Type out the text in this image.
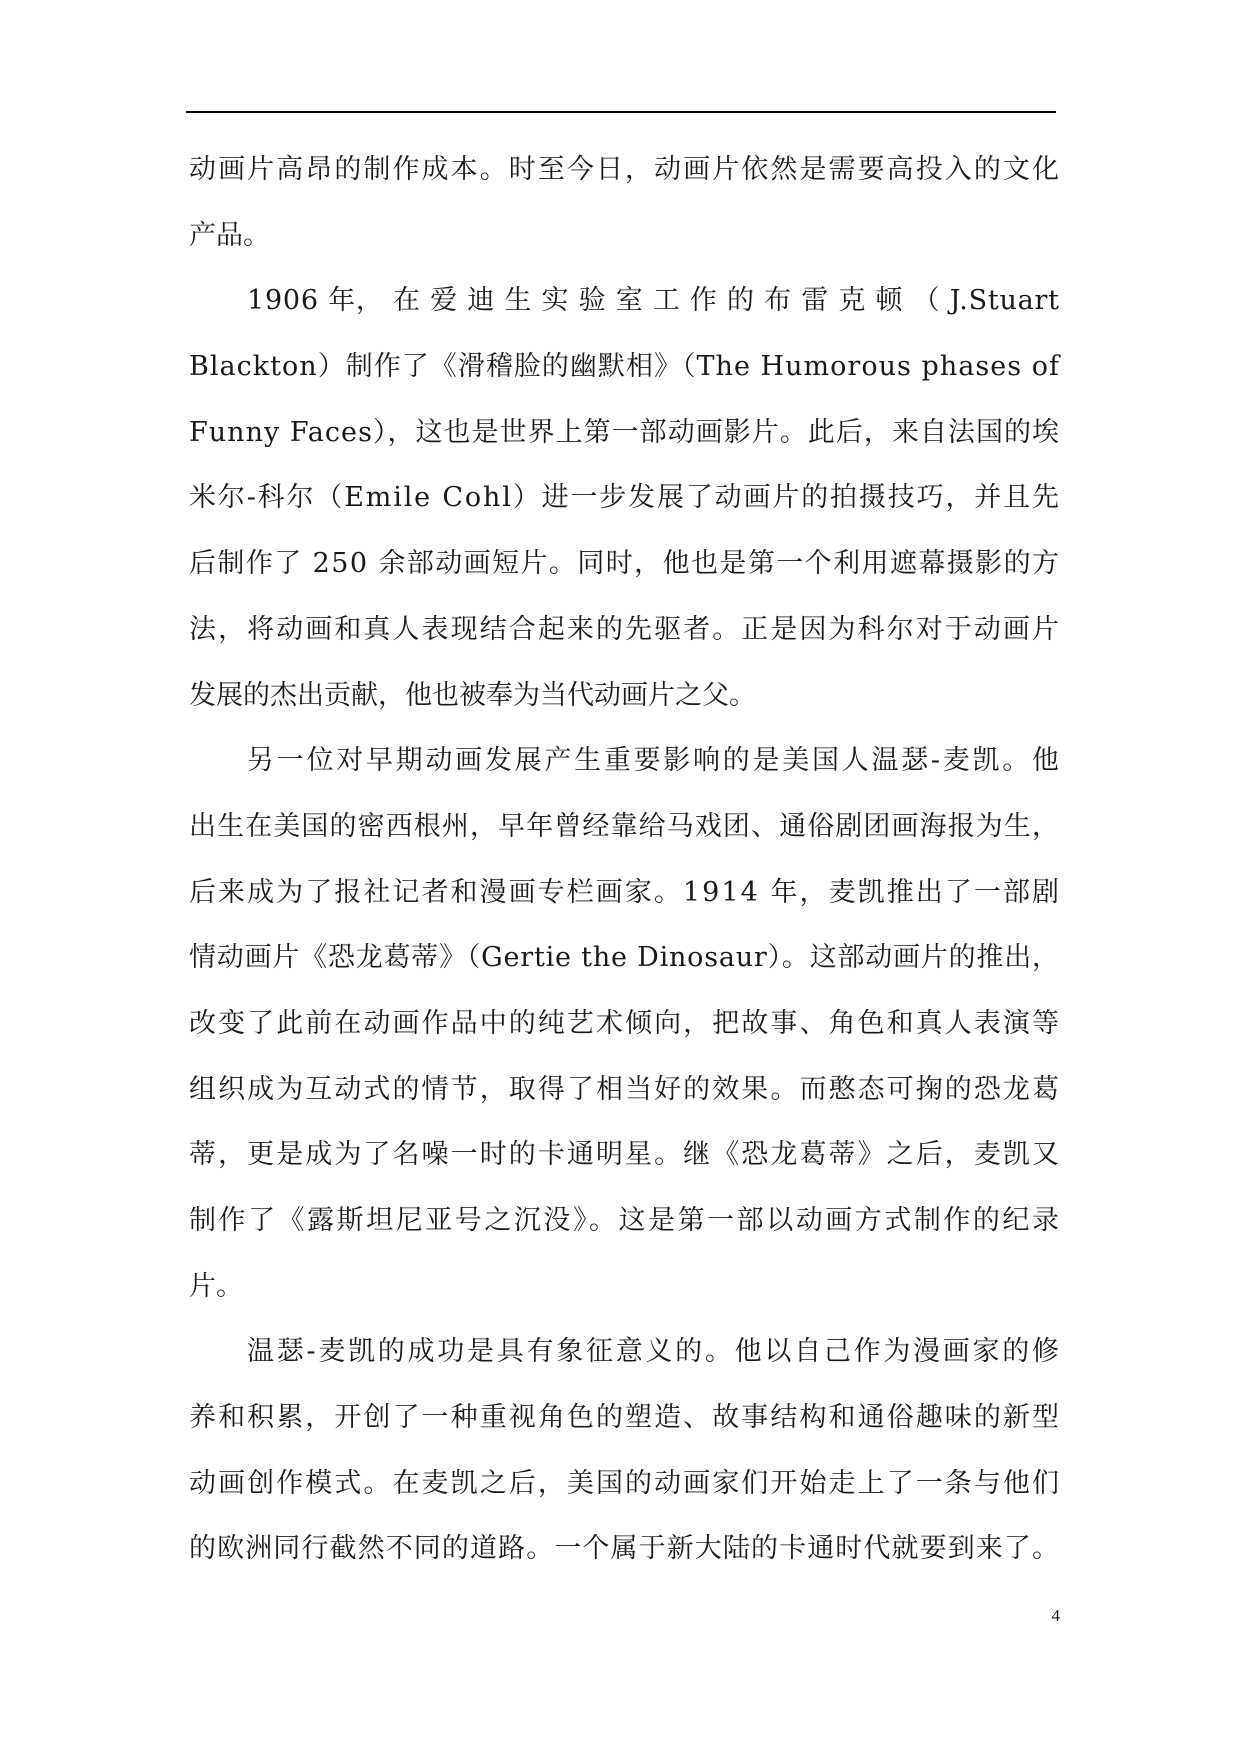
动画片高昂的制作成本。时至今日，动画片依然是需要高投入的文化
产品。
1906 年， 在 爱 迪 生 实 验 室 工 作 的 布 雷 克 顿 （ J.Stuart
Blackton）制作了《滑稽脸的幽默相》（The Humorous phases of
Funny Faces），这也是世界上第一部动画影片。此后，来自法国的埃
米尔-科尔（Emile Cohl）进一步发展了动画片的拍摄技巧，并且先
后制作了 250 余部动画短片。同时，他也是第一个利用遮幕摄影的方
法，将动画和真人表现结合起来的先驱者。正是因为科尔对于动画片
发展的杰出贡献，他也被奉为当代动画片之父。
另一位对早期动画发展产生重要影响的是美国人温瑟-麦凯。他
出生在美国的密西根州，早年曾经靠给马戏团、通俗剧团画海报为生，
后来成为了报社记者和漫画专栏画家。1914 年，麦凯推出了一部剧
情动画片《恐龙葛蒂》（Gertie the Dinosaur）。这部动画片的推出，
改变了此前在动画作品中的纯艺术倾向，把故事、角色和真人表演等
组织成为互动式的情节，取得了相当好的效果。而憨态可掬的恐龙葛
蒂，更是成为了名噪一时的卡通明星。继《恐龙葛蒂》之后，麦凯又
制作了《露斯坦尼亚号之沉没》。这是第一部以动画方式制作的纪录
片。
温瑟-麦凯的成功是具有象征意义的。他以自己作为漫画家的修
养和积累，开创了一种重视角色的塑造、故事结构和通俗趣味的新型
动画创作模式。在麦凯之后，美国的动画家们开始走上了一条与他们
的欧洲同行截然不同的道路。一个属于新大陆的卡通时代就要到来了。
4
